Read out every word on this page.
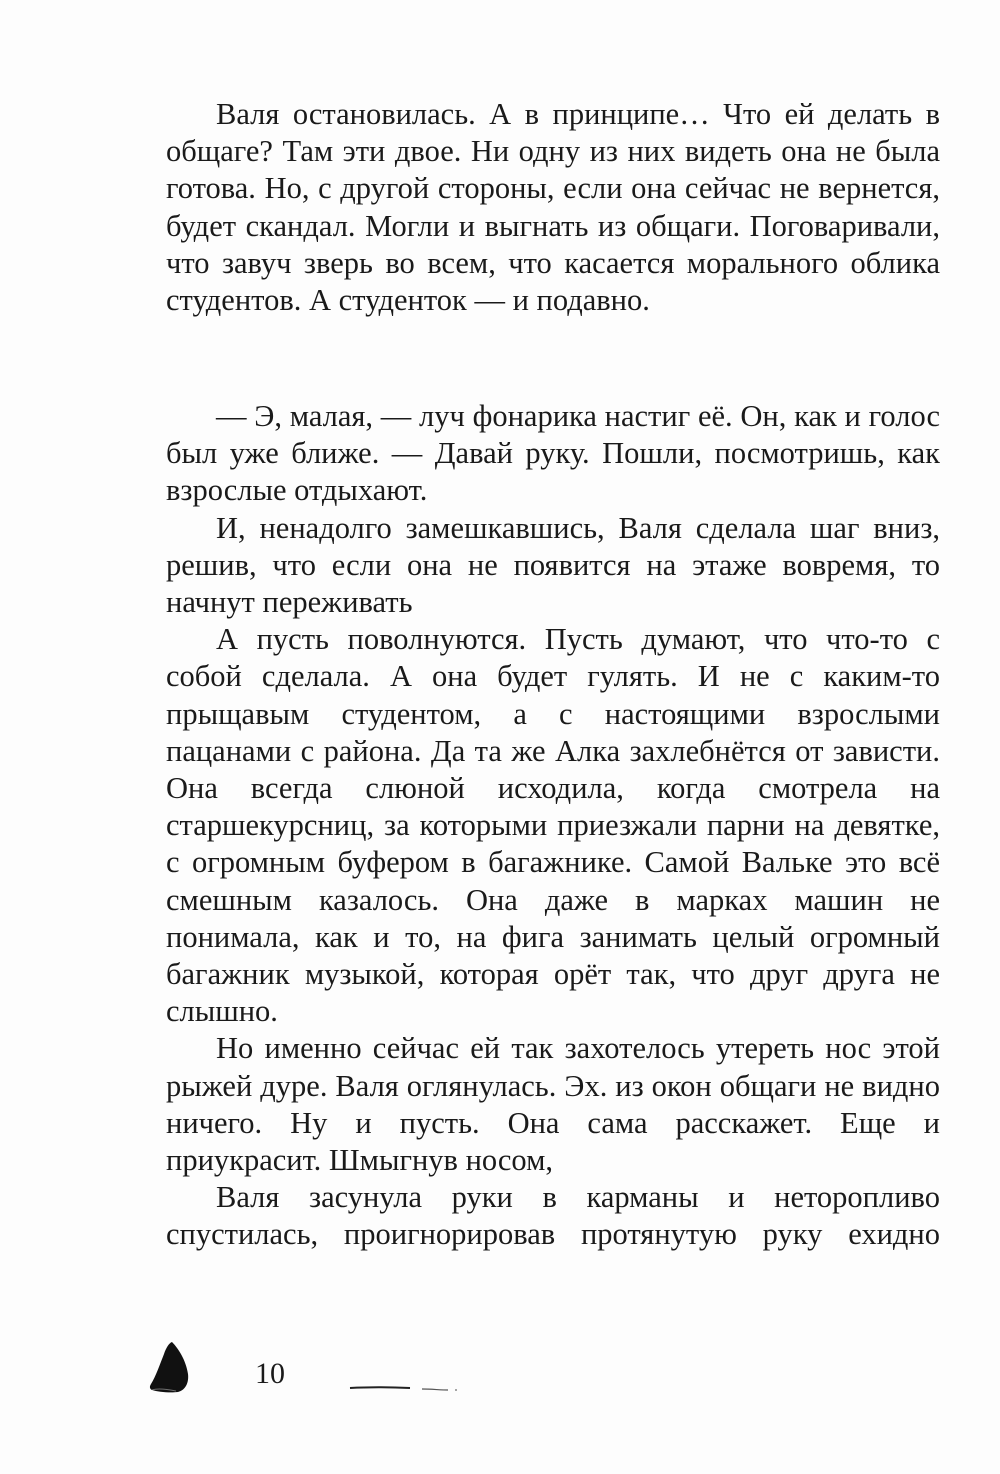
Валя остановилась. А в принципе… Что ей делать в общаге? Там эти двое. Ни одну из них видеть она не была готова. Но, с другой стороны, если она сейчас не вернется, будет скандал. Могли и выгнать из общаги. Поговаривали, что завуч зверь во всем, что касается морального облика студентов. А студенток — и подавно.

— Э, малая, — луч фонарика настиг её. Он, как и голос был уже ближе. — Давай руку. Пошли, посмотришь, как взрослые отдыхают.

И, ненадолго замешкавшись, Валя сделала шаг вниз, решив, что если она не появится на этаже вовремя, то начнут переживать

А пусть поволнуются. Пусть думают, что что-то с собой сделала. А она будет гулять. И не с каким-то прыщавым студентом, а с настоящими взрослыми пацанами с района. Да та же Алка захлебнётся от зависти. Она всегда слюной исходила, когда смотрела на старшекурсниц, за которыми приезжали парни на девятке, с огромным буфером в багажнике. Самой Вальке это всё смешным казалось. Она даже в марках машин не понимала, как и то, на фига занимать целый огромный багажник музыкой, которая орёт так, что друг друга не слышно.

Но именно сейчас ей так захотелось утереть нос этой рыжей дуре. Валя оглянулась. Эх. из окон общаги не видно ничего. Ну и пусть. Она сама расскажет. Еще и приукрасит. Шмыгнув носом,

Валя засунула руки в карманы и неторопливо спустилась, проигнорировав протянутую руку ехидно

10
